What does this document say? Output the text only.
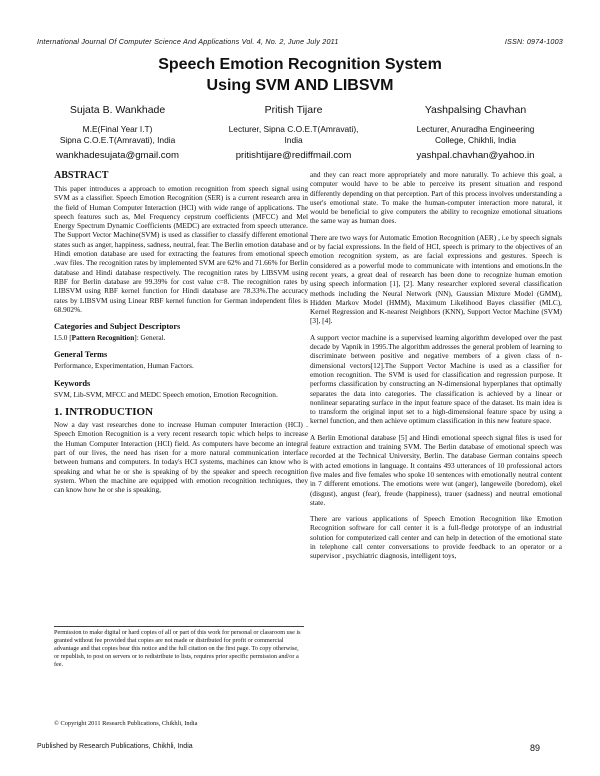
International Journal Of Computer Science And Applications Vol. 4, No. 2, June July 2011	ISSN: 0974-1003
Speech Emotion Recognition System
Using SVM AND LIBSVM
Sujata B. Wankhade
M.E(Final Year I.T)
Sipna C.O.E.T(Amravati), India
wankhadesujata@gmail.com
Pritish Tijare
Lecturer, Sipna C.O.E.T(Amravati),
India
pritishtijare@rediffmail.com
Yashpalsing Chavhan
Lecturer, Anuradha Engineering
College, Chikhli, India
yashpal.chavhan@yahoo.in
ABSTRACT

This paper introduces a approach to emotion recognition from speech signal using SVM as a classifier. Speech Emotion Recognition (SER) is a current research area in the field of Human Computer Interaction (HCI) with wide range of applications. The speech features such as, Mel Frequency cepstrum coefficients (MFCC) and Mel Energy Spectrum Dynamic Coefficients (MEDC) are extracted from speech utterance. The Support Vector Machine(SVM) is used as classifier to classify different emotional states such as anger, happiness, sadness, neutral, fear. The Berlin emotion database and Hindi emotion database are used for extracting the features from emotional speech .wav files. The recognition rates by implemented SVM are 62% and 71.66% for Berlin database and Hindi database respectively. The recognition rates by LIBSVM using RBF for Berlin database are 99.39% for cost value c=8. The recognition rates by LIBSVM using RBF kernel function for Hindi database are 78.33%.The accuracy rates by LIBSVM using Linear RBF kernel function for German independent files is 68.902%.

Categories and Subject Descriptors

I.5.0 [Pattern Recognition]: General.

General Terms

Performance, Experimentation, Human Factors.

Keywords

SVM, Lib-SVM, MFCC and MEDC Speech emotion, Emotion Recognition.

1. INTRODUCTION

Now a day vast researches done to increase Human computer Interaction (HCI) . Speech Emotion Recognition is a very recent research topic which helps to increase the Human Computer Interaction (HCI) field. As computers have become an integral part of our lives, the need has risen for a more natural communication interface between humans and computers. In today's HCI systems, machines can know who is speaking and what he or she is speaking of by the speaker and speech recognition system. When the machine are equipped with emotion recognition techniques, they can know how he or she is speaking,

Permission to make digital or hard copies of all or part of this work for personal or classroom use is granted without fee provided that copies are not made or distributed for profit or commercial advantage and that copies bear this notice and the full citation on the first page. To copy otherwise, or republish, to post on servers or to redistribute to lists, requires prior specific permission and/or a fee.
© Copyright 2011 Research Publications, Chikhli, India

and they can react more appropriately and more naturally. To achieve this goal, a computer would have to be able to perceive its present situation and respond differently depending on that perception. Part of this process involves understanding a user's emotional state. To make the human-computer interaction more natural, it would be beneficial to give computers the ability to recognize emotional situations the same way as human does.

There are two ways for Automatic Emotion Recognition (AER) , i.e by speech signals or by facial expressions. In the field of HCI, speech is primary to the objectives of an emotion recognition system, as are facial expressions and gestures. Speech is considered as a powerful mode to communicate with intentions and emotions.In the recent years, a great deal of research has been done to recognize human emotion using speech information [1], [2]. Many researcher explored several classification methods including the Neural Network (NN), Gaussian Mixture Model (GMM), Hidden Markov Model (HMM), Maximum Likelihood Bayes classifier (MLC), Kernel Regression and K-nearest Neighbors (KNN), Support Vector Machine (SVM) [3], [4].

A support vector machine is a supervised learning algorithm developed over the past decade by Vapnik in 1995.The algorithm addresses the general problem of learning to discriminate between positive and negative members of a given class of n-dimensional vectors[12].The Support Vector Machine is used as a classifier for emotion recognition. The SVM is used for classification and regression purpose. It performs classification by constructing an N-dimensional hyperplanes that optimally separates the data into categories. The classification is achieved by a linear or nonlinear separating surface in the input feature space of the dataset. Its main idea is to transform the original input set to a high-dimensional feature space by using a kernel function, and then achieve optimum classification in this new feature space.

A Berlin Emotional database [5] and Hindi emotional speech signal files is used for feature extraction and training SVM. The Berlin database of emotional speech was recorded at the Technical University, Berlin. The database German contains speech with acted emotions in language. It contains 493 utterances of 10 professional actors five males and five females who spoke 10 sentences with emotionally neutral content in 7 different emotions. The emotions were wut (anger), langeweile (boredom), ekel (disgust), angust (fear), freude (happiness), trauer (sadness) and neutral emotional state.

There are various applications of Speech Emotion Recognition like Emotion Recognition software for call center it is a full-fledge prototype of an industrial solution for computerized call center and can help in detection of the emotional state in telephone call center conversations to provide feedback to an operator or a supervisor , psychiatric diagnosis, intelligent toys,

Published by Research Publications, Chikhli, India	89
